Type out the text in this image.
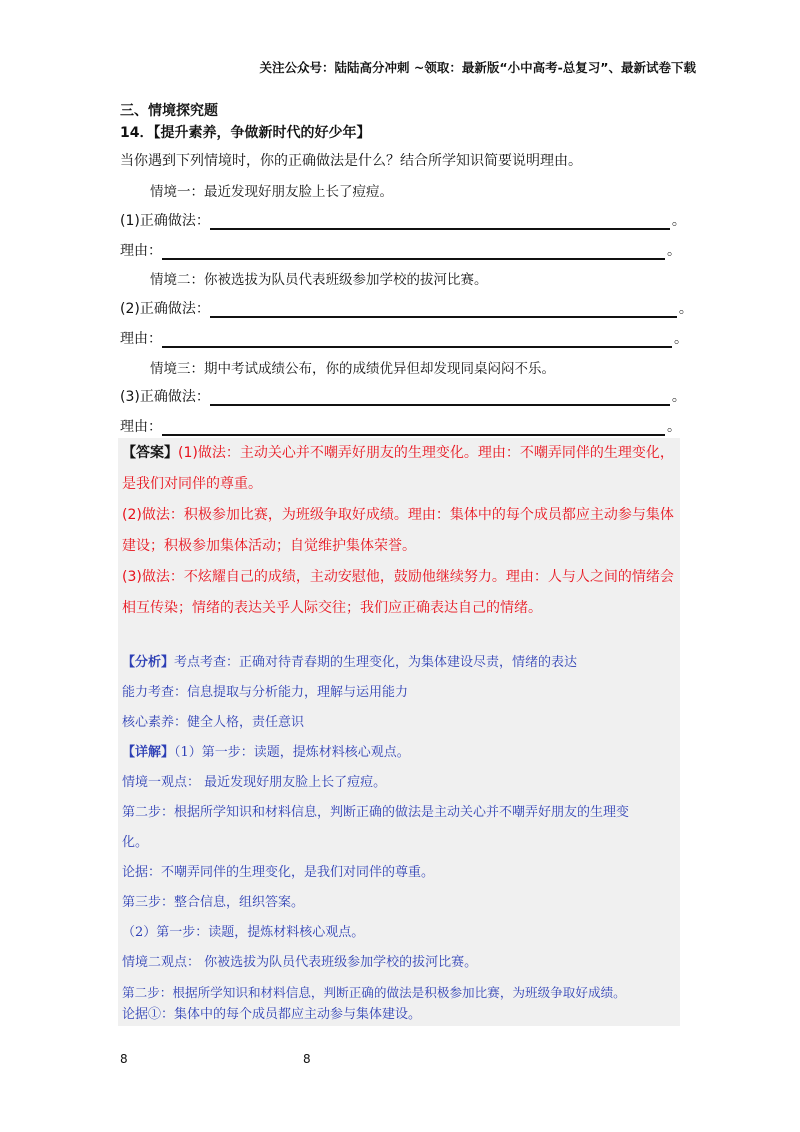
关注公众号：陆陆高分冲刺 ~领取：最新版“小中高考-总复习”、最新试卷下载
三、情境探究题
14．【提升素养，争做新时代的好少年】
当你遇到下列情境时，你的正确做法是什么？结合所学知识简要说明理由。
情境一：最近发现好朋友脸上长了痘痘。
(1)正确做法：	。
理由：	。
情境二：你被选拔为队员代表班级参加学校的拔河比赛。
(2)正确做法：	。
理由：	。
情境三：期中考试成绩公布，你的成绩优异但却发现同桌闷闷不乐。
(3)正确做法：	。
理由：	。
【答案】(1)做法：主动关心并不嘲弄好朋友的生理变化。理由：不嘲弄同伴的生理变化，
是我们对同伴的尊重。
(2)做法：积极参加比赛，为班级争取好成绩。理由：集体中的每个成员都应主动参与集体
建设；积极参加集体活动；自觉维护集体荣誉。
(3)做法：不炫耀自己的成绩，主动安慰他，鼓励他继续努力。理由：人与人之间的情绪会
相互传染；情绪的表达关乎人际交往；我们应正确表达自己的情绪。
【分析】考点考查：正确对待青春期的生理变化，为集体建设尽责，情绪的表达
能力考查：信息提取与分析能力，理解与运用能力
核心素养：健全人格，责任意识
【详解】（1）第一步：读题，提炼材料核心观点。
情境一观点： 最近发现好朋友脸上长了痘痘。
第二步：根据所学知识和材料信息，判断正确的做法是主动关心并不嘲弄好朋友的生理变
化。
论据：不嘲弄同伴的生理变化，是我们对同伴的尊重。
第三步：整合信息，组织答案。
（2）第一步：读题，提炼材料核心观点。
情境二观点： 你被选拔为队员代表班级参加学校的拔河比赛。
第二步：根据所学知识和材料信息，判断正确的做法是积极参加比赛，为班级争取好成绩。
论据①：集体中的每个成员都应主动参与集体建设。
8	8
